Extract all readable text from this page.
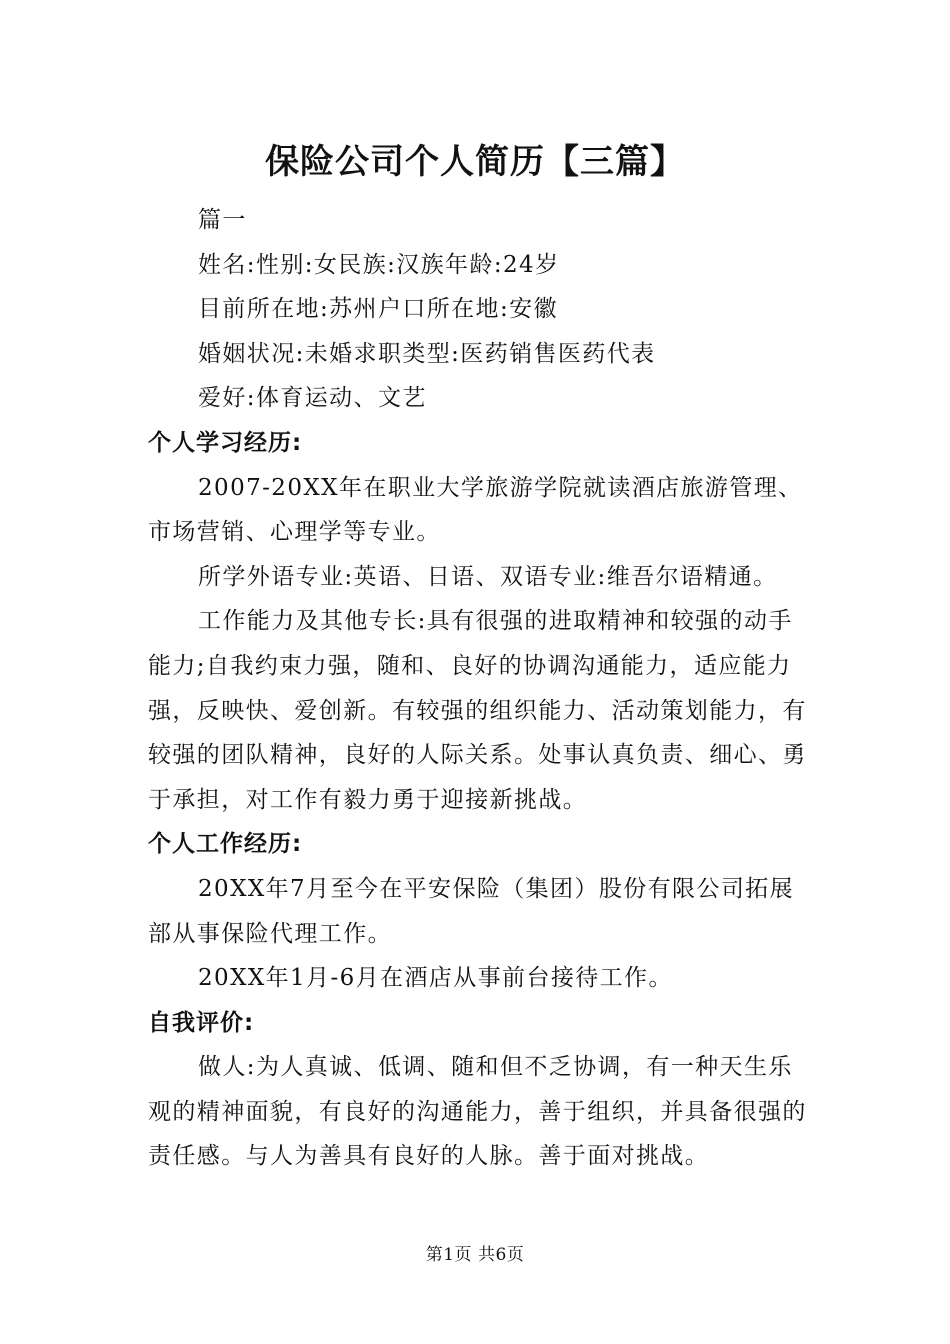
保险公司个人简历【三篇】

篇一

姓名:性别:女民族:汉族年龄:24岁

目前所在地:苏州户口所在地:安徽

婚姻状况:未婚求职类型:医药销售医药代表

爱好:体育运动、文艺

个人学习经历:

2007-20XX年在职业大学旅游学院就读酒店旅游管理、市场营销、心理学等专业。

所学外语专业:英语、日语、双语专业:维吾尔语精通。

工作能力及其他专长:具有很强的进取精神和较强的动手能力;自我约束力强，随和、良好的协调沟通能力，适应能力强，反映快、爱创新。有较强的组织能力、活动策划能力，有较强的团队精神，良好的人际关系。处事认真负责、细心、勇于承担，对工作有毅力勇于迎接新挑战。

个人工作经历:

20XX年7月至今在平安保险（集团）股份有限公司拓展部从事保险代理工作。

20XX年1月-6月在酒店从事前台接待工作。

自我评价:

做人:为人真诚、低调、随和但不乏协调，有一种天生乐观的精神面貌，有良好的沟通能力，善于组织，并具备很强的责任感。与人为善具有良好的人脉。善于面对挑战。

第1页 共6页
